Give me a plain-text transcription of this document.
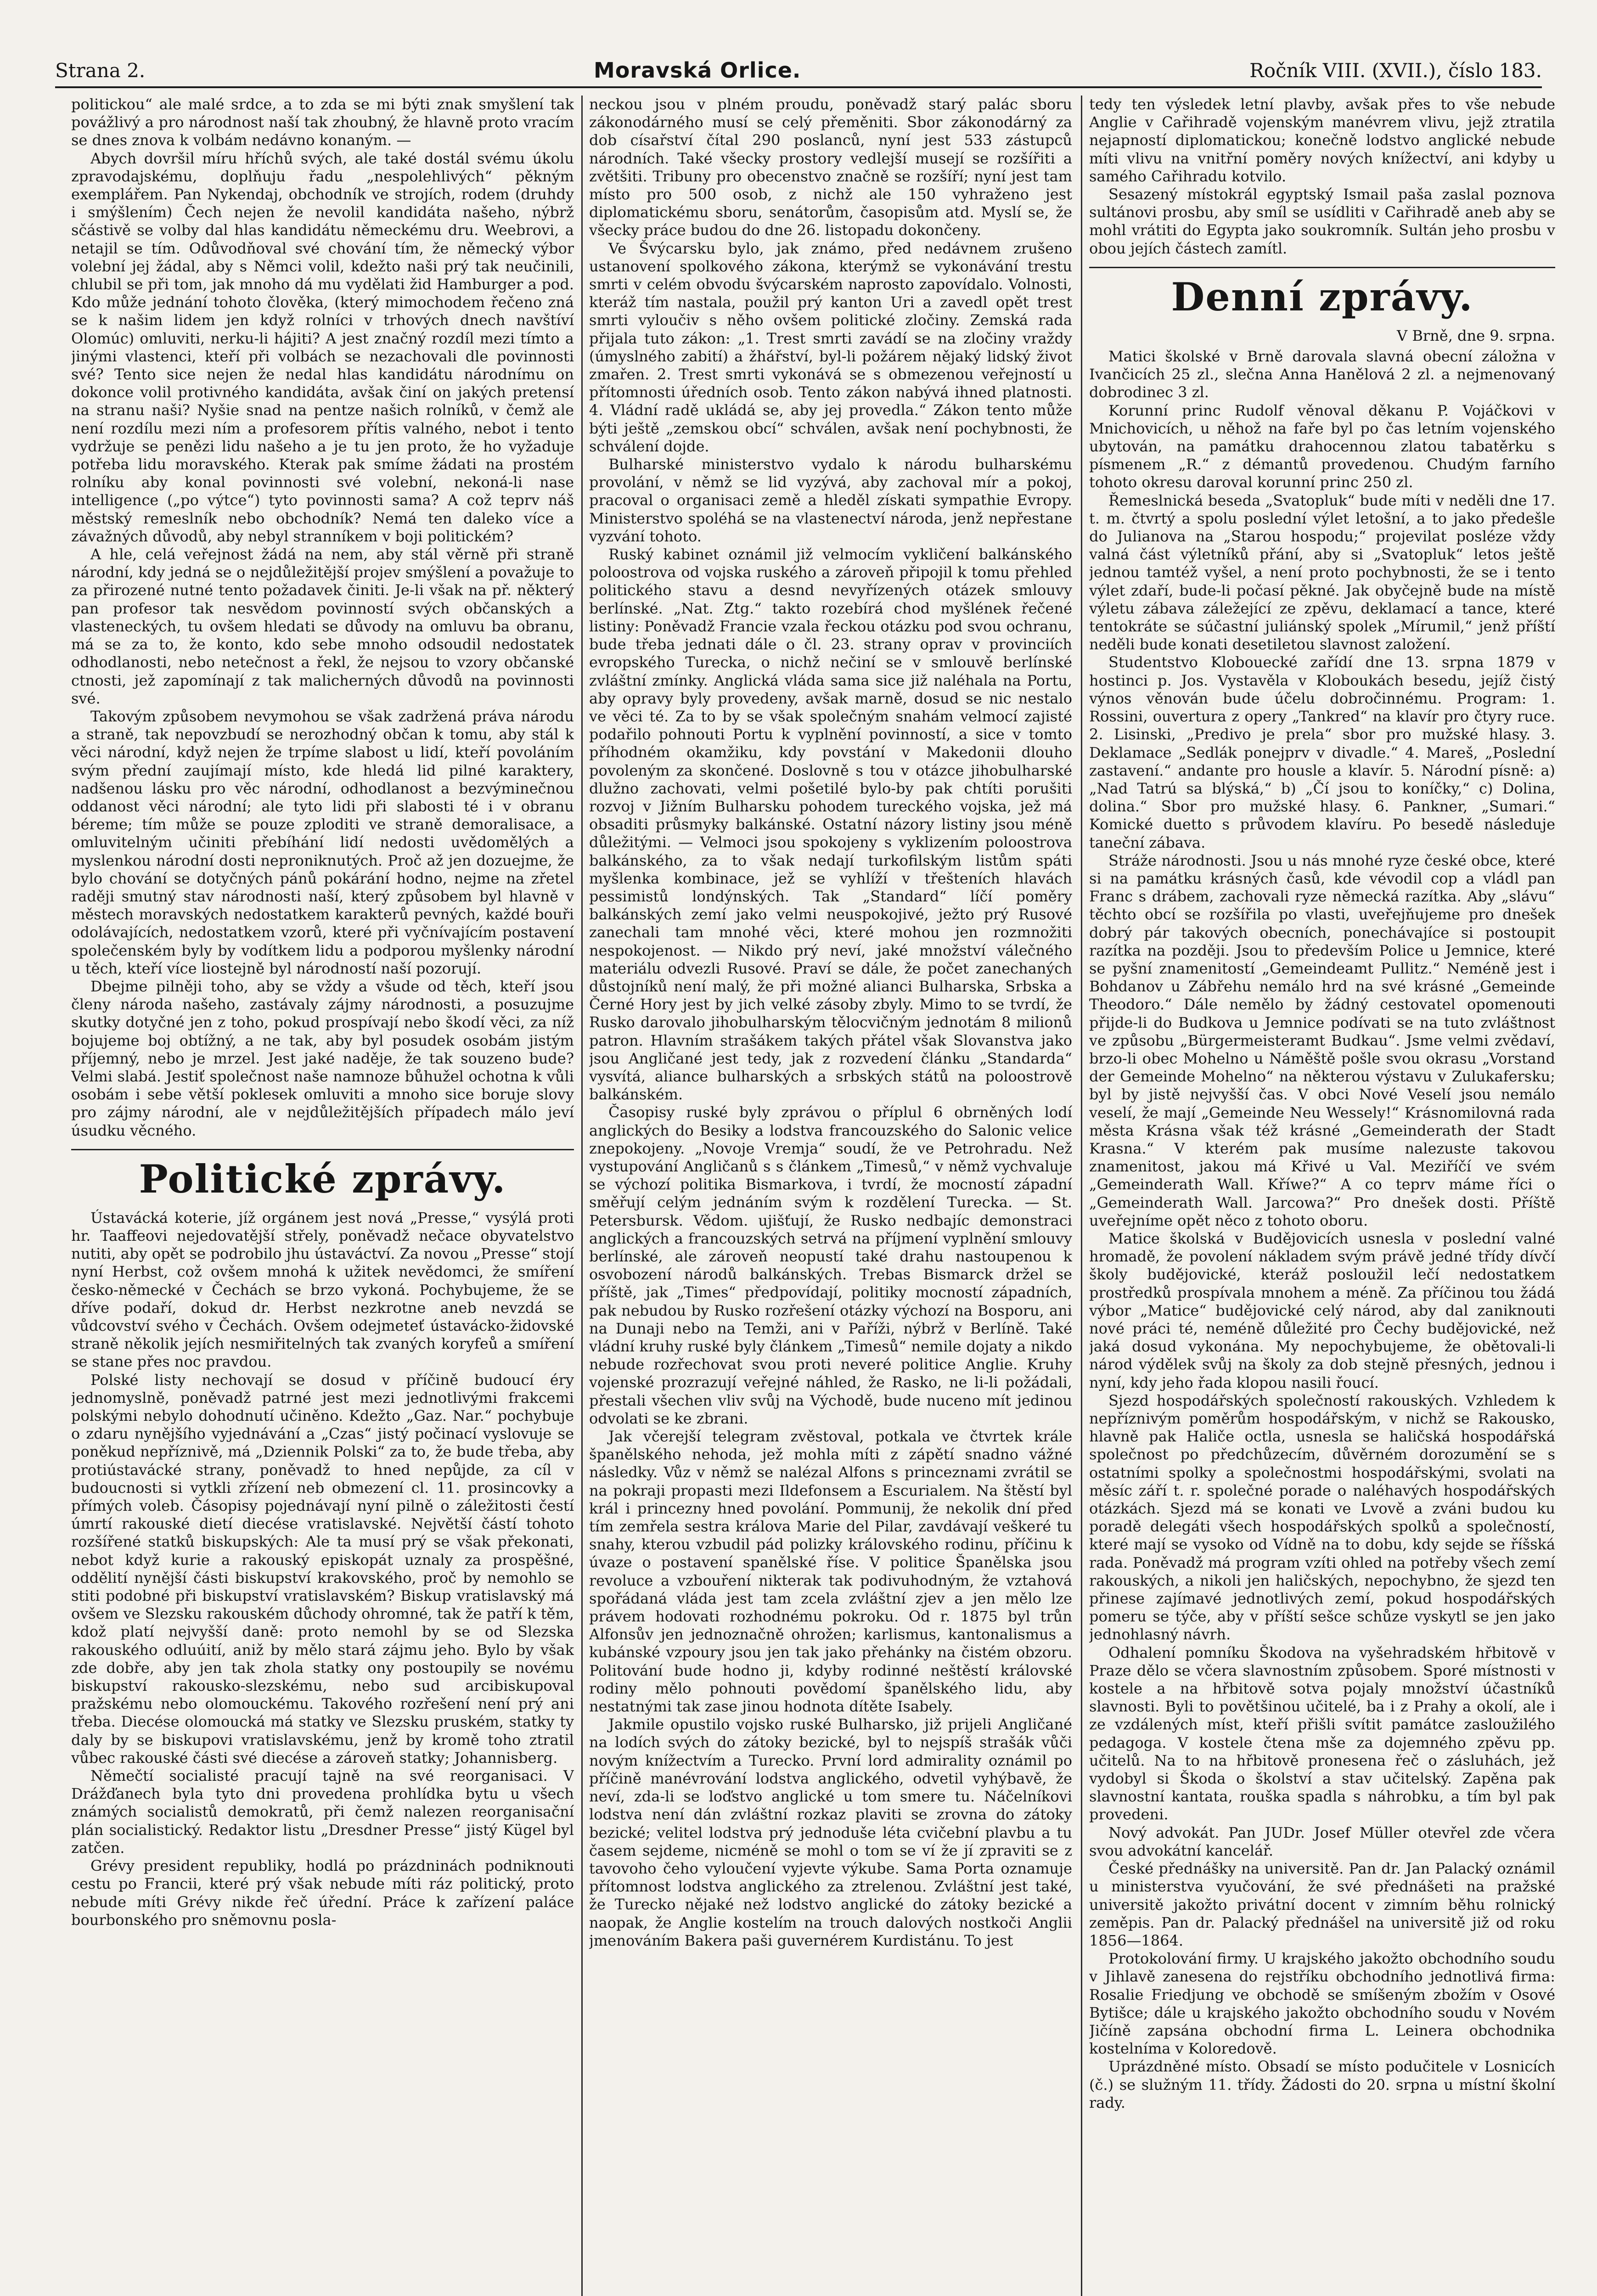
Strana 2.	Moravská Orlice.	Ročník VIII. (XVII.), číslo 183.

politickou“ ale malé srdce, a to zda se mi býti znak smyšlení tak povážlivý a pro národnost naší tak zhoubný, že hlavně proto vracím se dnes znova k volbám nedávno konaným. —

Abych dovršil míru hříchů svých, ale také dostál svému úkolu zpravodajskému, doplňuju řadu „nespolehlivých“ pěkným exemplářem. Pan Nykendaj, obchodník ve strojích, rodem (druhdy i smýšlením) Čech nejen že nevolil kandidáta našeho, nýbrž sčástivě se volby dal hlas kandidátu německému dru. Weebrovi, a netajil se tím. Odůvodňoval své chování tím, že německý výbor volební jej žádal, aby s Němci volil, kdežto naši prý tak neučinili, chlubil se při tom, jak mnoho dá mu vydělati žid Hamburger a pod. Kdo může jednání tohoto člověka, (který mimochodem řečeno zná se k našim lidem jen když rolníci v trhových dnech navštíví Olomúc) omluviti, nerku-li hájiti? A jest značný rozdíl mezi tímto a jinými vlastenci, kteří při volbách se nezachovali dle povinnosti své? Tento sice nejen že nedal hlas kandidátu národnímu on dokonce volil protivného kandidáta, avšak činí on jakých pretensí na stranu naši? Nyšie snad na pentze našich rolníků, v čemž ale není rozdílu mezi ním a profesorem přítis valného, nebot i tento vydržuje se penězi lidu našeho a je tu jen proto, že ho vyžaduje potřeba lidu moravského. Kterak pak smíme žádati na prostém rolníku aby konal povinnosti své volební, nekoná-li nase intelligence („po výtce“) tyto povinnosti sama? A což teprv náš městský remeslník nebo obchodník? Nemá ten daleko více a závažných důvodů, aby nebyl stranníkem v boji politickém?

A hle, celá veřejnost žádá na nem, aby stál věrně při straně národní, kdy jedná se o nejdůležitější projev smýšlení a považuje to za přirozené nutné tento požadavek činiti. Je-li však na př. některý pan profesor tak nesvědom povinností svých občanských a vlasteneckých, tu ovšem hledati se důvody na omluvu ba obranu, má se za to, že konto, kdo sebe mnoho odsoudil nedostatek odhodlanosti, nebo netečnost a řekl, že nejsou to vzory občanské ctnosti, jež zapomínají z tak malicherných důvodů na povinnosti své.

Takovým způsobem nevymohou se však zadržená práva národu a straně, tak nepovzbudí se nerozhodný občan k tomu, aby stál k věci národní, když nejen že trpíme slabost u lidí, kteří povoláním svým přední zaujímají místo, kde hledá lid pilné karaktery, nadšenou lásku pro věc národní, odhodlanost a bezvýminečnou oddanost věci národní; ale tyto lidi při slabosti té i v obranu béreme; tím může se pouze zploditi ve straně demoralisace, a omluvitelným učiniti přebíhání lidí nedosti uvědomělých a myslenkou národní dosti neproniknutých. Proč až jen dozuejme, že bylo chování se dotyčných pánů pokárání hodno, nejme na zřetel raději smutný stav národnosti naší, který způsobem byl hlavně v městech moravských nedostatkem karakterů pevných, každé bouři odolávajících, nedostatkem vzorů, které při vyčnívajícím postavení společenském byly by vodítkem lidu a podporou myšlenky národní u těch, kteří více liostejně byl národností naší pozorují.

Dbejme pilněji toho, aby se vždy a všude od těch, kteří jsou členy národa našeho, zastávaly zájmy národnosti, a posuzujme skutky dotyčné jen z toho, pokud prospívají nebo škodí věci, za níž bojujeme boj obtížný, a ne tak, aby byl posudek osobám jistým příjemný, nebo je mrzel. Jest jaké naděje, že tak souzeno bude? Velmi slabá. Jestiť společnost naše namnoze bůhužel ochotna k vůli osobám i sebe větší poklesek omluviti a mnoho sice boruje slovy pro zájmy národní, ale v nejdůležitějších případech málo jeví úsudku věcného.

Politické zprávy.

Ústavácká koterie, jíž orgánem jest nová „Presse,“ vysýlá proti hr. Taaffeovi nejedovatější střely, poněvadž nečace obyvatelstvo nutiti, aby opět se podrobilo jhu ústaváctví. Za novou „Presse“ stojí nyní Herbst, což ovšem mnohá k užitek nevědomci, že smíření česko-německé v Čechách se brzo vykoná. Pochybujeme, že se dříve podaří, dokud dr. Herbst nezkrotne aneb nevzdá se vůdcovství svého v Čechách. Ovšem odejmeteť ústavácko-židovské straně několik jejích nesmiřitelných tak zvaných koryfeů a smíření se stane přes noc pravdou.

Polské listy nechovají se dosud v příčině budoucí éry jednomyslně, poněvadž patrné jest mezi jednotlivými frakcemi polskými nebylo dohodnutí učiněno. Kdežto „Gaz. Nar.“ pochybuje o zdaru nynějšího vyjednávání a „Czas“ jistý počinací vyslovuje se poněkud nepříznivě, má „Dziennik Polski“ za to, že bude třeba, aby protiústavácké strany, poněvadž to hned nepůjde, za cíl v budoucnosti si vytkli zřízení neb obmezení cl. 11. prosincovky a přímých voleb. Čásopisy pojednávají nyní pilně o záležitosti čestí úmrtí rakouské dietí diecése vratislavské. Největší částí tohoto rozšířené statků biskupských: Ale ta musí prý se však překonati, nebot když kurie a rakouský episkopát uznaly za prospěšné, oddělití nynější části biskupství krakovského, proč by nemohlo se stiti podobné při biskupství vratislavském? Biskup vratislavský má ovšem ve Slezsku rakouském důchody ohromné, tak že patří k těm, kdož platí nejvyšší daně: proto nemohl by se od Slezska rakouského odluúití, aniž by mělo stará zájmu jeho. Bylo by však zde dobře, aby jen tak zhola statky ony postoupily se novému biskupství rakousko-slezskému, nebo sud arcibiskupoval pražskému nebo olomouckému. Takového rozřešení není prý ani třeba. Diecése olomoucká má statky ve Slezsku pruském, statky ty daly by se biskupovi vratislavskému, jenž by kromě toho ztratil vůbec rakouské části své diecése a zároveň statky; Johannisberg.

Němečtí socialisté pracují tajně na své reorganisaci. V Drážďanech byla tyto dni provedena prohlídka bytu u všech známých socialistů demokratů, při čemž nalezen reorganisační plán socialistický. Redaktor listu „Dresdner Presse“ jistý Kügel byl zatčen.

Grévy president republiky, hodlá po prázdninách podniknouti cestu po Francii, které prý však nebude míti ráz politický, proto nebude míti Grévy nikde řeč úřední. Práce k zařízení paláce bourbonského pro sněmovnu posla-

neckou jsou v plném proudu, poněvadž starý palác sboru zákonodárného musí se celý přeměniti. Sbor zákonodárný za dob císařství čítal 290 poslanců, nyní jest 533 zástupců národních. Také všecky prostory vedlejší musejí se rozšířiti a zvětšiti. Tribuny pro obecenstvo značně se rozšíří; nyní jest tam místo pro 500 osob, z nichž ale 150 vyhraženo jest diplomatickému sboru, senátorům, časopisům atd. Myslí se, že všecky práce budou do dne 26. listopadu dokončeny.

Ve Švýcarsku bylo, jak známo, před nedávnem zrušeno ustanovení spolkového zákona, kterýmž se vykonávání trestu smrti v celém obvodu švýcarském naprosto zapovídalo. Volnosti, kteráž tím nastala, použil prý kanton Uri a zavedl opět trest smrti vyloučiv s něho ovšem politické zločiny. Zemská rada přijala tuto zákon: „1. Trest smrti zavádí se na zločiny vraždy (úmyslného zabití) a žhářství, byl-li požárem nějaký lidský život zmařen. 2. Trest smrti vykonává se s obmezenou veřejností u přítomnosti úředních osob. Tento zákon nabývá ihned platnosti. 4. Vládní radě ukládá se, aby jej provedla.“ Zákon tento může býti ještě „zemskou obcí“ schválen, avšak není pochybnosti, že schválení dojde.

Bulharské ministerstvo vydalo k národu bulharskému provolání, v němž se lid vyzývá, aby zachoval mír a pokoj, pracoval o organisaci země a hleděl získati sympathie Evropy. Ministerstvo spoléhá se na vlastenectví národa, jenž nepřestane vyzvání tohoto.

Ruský kabinet oznámil již velmocím vykličení balkánského poloostrova od vojska ruského a zároveň připojil k tomu přehled politického stavu a desnd nevyřízených otázek smlouvy berlínské. „Nat. Ztg.“ takto rozebírá chod myšlének řečené listiny: Poněvadž Francie vzala řeckou otázku pod svou ochranu, bude třeba jednati dále o čl. 23. strany oprav v provinciích evropského Turecka, o nichž nečiní se v smlouvě berlínské zvláštní zmínky. Anglická vláda sama sice již naléhala na Portu, aby opravy byly provedeny, avšak marně, dosud se nic nestalo ve věci té. Za to by se však společným snahám velmocí zajisté podařilo pohnouti Portu k vyplnění povinností, a sice v tomto příhodném okamžiku, kdy povstání v Makedonii dlouho povoleným za skončené. Doslovně s tou v otázce jihobulharské dlužno zachovati, velmi pošetilé bylo-by pak chtíti porušiti rozvoj v Jižním Bulharsku pohodem tureckého vojska, jež má obsaditi průsmyky balkánské. Ostatní názory listiny jsou méně důležitými. — Velmoci jsou spokojeny s vyklizením poloostrova balkánského, za to však nedají turkofilským listům spáti myšlenka kombinace, jež se vyhlíží v třešteních hlavách pessimistů londýnských. Tak „Standard“ líčí poměry balkánských zemí jako velmi neuspokojivé, ježto prý Rusové zanechali tam mnohé věci, které mohou jen rozmnožiti nespokojenost. — Nikdo prý neví, jaké množství válečného materiálu odvezli Rusové. Praví se dále, že počet zanechaných důstojníků není malý, že při možné alianci Bulharska, Srbska a Černé Hory jest by jich velké zásoby zbyly. Mimo to se tvrdí, že Rusko darovalo jihobulharským tělocvičným jednotám 8 milionů patron. Hlavním strašákem takých přátel však Slovanstva jako jsou Angličané jest tedy, jak z rozvedení článku „Standarda“ vysvítá, aliance bulharských a srbských států na poloostrově balkánském.

Časopisy ruské byly zprávou o příplul 6 obrněných lodí anglických do Besiky a lodstva francouzského do Salonic velice znepokojeny. „Novoje Vremja“ soudí, že ve Petrohradu. Než vystupování Angličanů s s článkem „Timesů,“ v němž vychvaluje se výchozí politika Bismarkova, i tvrdí, že mocností západní směřují celým jednáním svým k rozdělení Turecka. — St. Petersbursk. Vědom. ujišťují, že Rusko nedbajíc demonstraci anglických a francouzských setrvá na příjmení vyplnění smlouvy berlínské, ale zároveň neopustí také drahu nastoupenou k osvobození národů balkánských. Trebas Bismarck držel se příště, jak „Times“ předpovídají, politiky mocností západních, pak nebudou by Rusko rozřešení otázky výchozí na Bosporu, ani na Dunaji nebo na Temži, ani v Paříži, nýbrž v Berlíně. Také vládní kruhy ruské byly článkem „Timesů“ nemile dojaty a nikdo nebude rozřechovat svou proti neveré politice Anglie. Kruhy vojenské prozrazují veřejné náhled, že Rasko, ne li-li požádali, přestali všechen vliv svůj na Východě, bude nuceno mít jedinou odvolati se ke zbrani.

Jak včerejší telegram zvěstoval, potkala ve čtvrtek krále španělského nehoda, jež mohla míti z zápětí snadno vážné následky. Vůz v němž se nalézal Alfons s princeznami zvrátil se na pokraji propasti mezi Ildefonsem a Escurialem. Na štěstí byl král i princezny hned povolání. Pommunij, že nekolik dní před tím zemřela sestra králova Marie del Pilar, zavdávají veškeré tu snahy, kterou vzbudil pád polizky královského rodinu, příčinu k úvaze o postavení spanělské říse. V politice Španělska jsou revoluce a vzbouření nikterak tak podivuhodným, že vztahová spořádaná vláda jest tam zcela zvláštní zjev a jen mělo lze právem hodovati rozhodnému pokroku. Od r. 1875 byl trůn Alfonsův jen jednoznačně ohrožen; karlismus, kantonalismus a kubánské vzpoury jsou jen tak jako přehánky na čistém obzoru. Politování bude hodno ji, kdyby rodinné neštěstí královské rodiny mělo pohnouti povědomí španělského lidu, aby nestatnými tak zase jinou hodnota dítěte Isabely.

Jakmile opustilo vojsko ruské Bulharsko, již prijeli Angličané na lodích svých do zátoky bezické, byl to nejspíš strašák vůči novým knížectvím a Turecko. První lord admirality oznámil po příčině manévrování lodstva anglického, odvetil vyhýbavě, že neví, zda-li se loďstvo anglické u tom smere tu. Náčelníkovi lodstva není dán zvláštní rozkaz plaviti se zrovna do zátoky bezické; velitel lodstva prý jednoduše léta cvičební plavbu a tu časem sejdeme, nicméně se mohl o tom se ví že jí zpraviti se z tavovoho čeho vyloučení vyjevte výkube. Sama Porta oznamuje přítomnost lodstva anglického za ztrelenou. Zvláštní jest také, že Turecko nějaké než lodstvo anglické do zátoky bezické a naopak, že Anglie kostelím na trouch dalových nostkoči Anglii jmenováním Bakera paši guvernérem Kurdistánu. To jest

tedy ten výsledek letní plavby, avšak přes to vše nebude Anglie v Cařihradě vojenským manévrem vlivu, jejž ztratila nejapností diplomatickou; konečně lodstvo anglické nebude míti vlivu na vnitřní poměry nových knížectví, ani kdyby u samého Cařihradu kotvilo.

Sesazený místokrál egyptský Ismail paša zaslal poznova sultánovi prosbu, aby smíl se usídliti v Cařihradě aneb aby se mohl vrátiti do Egypta jako soukromník. Sultán jeho prosbu v obou jejích částech zamítl.

Denní zprávy.
V Brně, dne 9. srpna.

Matici školské v Brně darovala slavná obecní záložna v Ivančicích 25 zl., slečna Anna Hanělová 2 zl. a nejmenovaný dobrodinec 3 zl.

Korunní princ Rudolf věnoval děkanu P. Vojáčkovi v Mnichovicích, u něhož na faře byl po čas letním vojenského ubytován, na památku drahocennou zlatou tabatěrku s písmenem „R.“ z démantů provedenou. Chudým farního tohoto okresu daroval korunní princ 250 zl.

Řemeslnická beseda „Svatopluk“ bude míti v neděli dne 17. t. m. čtvrtý a spolu poslední výlet letošní, a to jako předešle do Julianova na „Starou hospodu;“ projevilat posléze vždy valná část výletníků přání, aby si „Svatopluk“ letos ještě jednou tamtéž vyšel, a není proto pochybnosti, že se i tento výlet zdaří, bude-li počasí pěkné. Jak obyčejně bude na místě výletu zábava záležející ze zpěvu, deklamací a tance, které tentokráte se súčastní juliánský spolek „Mírumil,“ jenž příští neděli bude konati desetiletou slavnost založení.

Studentstvo Klobouecké zařídí dne 13. srpna 1879 v hostinci p. Jos. Vystavěla v Kloboukách besedu, jejíž čistý výnos věnován bude účelu dobročinnému. Program: 1. Rossini, ouvertura z opery „Tankred“ na klavír pro čtyry ruce. 2. Lisinski, „Predivo je prela“ sbor pro mužské hlasy. 3. Deklamace „Sedlák ponejprv v divadle.“ 4. Mareš, „Poslední zastavení.“ andante pro housle a klavír. 5. Národní písně: a) „Nad Tatrú sa blýská,“ b) „Čí jsou to koníčky,“ c) Dolina, dolina.“ Sbor pro mužské hlasy. 6. Pankner, „Sumari.“ Komické duetto s průvodem klavíru. Po besedě následuje taneční zábava.

Stráže národnosti. Jsou u nás mnohé ryze české obce, které si na památku krásných časů, kde vévodil cop a vládl pan Franc s drábem, zachovali ryze německá razítka. Aby „slávu“ těchto obcí se rozšířila po vlasti, uveřejňujeme pro dnešek dobrý pár takových obecních, ponechávajíce si postoupit razítka na později. Jsou to především Police u Jemnice, které se pyšní znamenitostí „Gemeindeamt Pullitz.“ Neméně jest i Bohdanov u Zábřehu nemálo hrd na své krásné „Gemeinde Theodoro.“ Dále nemělo by žádný cestovatel opomenouti přijde-li do Budkova u Jemnice podívati se na tuto zvláštnost ve způsobu „Bürgermeisteramt Budkau“. Jsme velmi zvědaví, brzo-li obec Mohelno u Náměště pošle svou okrasu „Vorstand der Gemeinde Mohelno“ na některou výstavu v Zulukafersku; byl by jistě nejvyšší čas. V obci Nové Veselí jsou nemálo veselí, že mají „Gemeinde Neu Wessely!“ Krásnomilovná rada města Krásna však též krásné „Gemeinderath der Stadt Krasna.“ V kterém pak musíme nalezuste takovou znamenitost, jakou má Křivé u Val. Meziříčí ve svém „Gemeinderath Wall. Kříwe?“ A co teprv máme říci o „Gemeinderath Wall. Jarcowa?“ Pro dnešek dosti. Příště uveřejníme opět něco z tohoto oboru.

Matice školská v Budějovicích usnesla v poslední valné hromadě, že povolení nákladem svým právě jedné třídy dívčí školy budějovické, kteráž posloužil lečí nedostatkem prostředků prospívala mnohem a méně. Za příčinou tou žádá výbor „Matice“ budějovické celý národ, aby dal zaniknouti nové práci té, neméně důležité pro Čechy budějovické, než jaká dosud vykonána. My nepochybujeme, že obětovali-li národ výdělek svůj na školy za dob stejně přesných, jednou i nyní, kdy jeho řada klopou nasili řoucí.

Sjezd hospodářských společností rakouských. Vzhledem k nepříznivým poměrům hospodářským, v nichž se Rakousko, hlavně pak Haliče octla, usnesla se haličská hospodářská společnost po předchůzecím, důvěrném dorozumění se s ostatními spolky a společnostmi hospodářskými, svolati na měsíc září t. r. společné porade o naléhavých hospodářských otázkách. Sjezd má se konati ve Lvově a zváni budou ku poradě delegáti všech hospodářských spolků a společností, které mají se vysoko od Vídně na to dobu, kdy sejde se říšská rada. Poněvadž má program vzíti ohled na potřeby všech zemí rakouských, a nikoli jen haličských, nepochybno, že sjezd ten přinese zajímavé jednotlivých zemí, pokud hospodářských pomeru se týče, aby v příští sešce schůze vyskytl se jen jako jednohlasný návrh.

Odhalení pomníku Škodova na vyšehradském hřbitově v Praze dělo se včera slavnostním způsobem. Sporé místnosti v kostele a na hřbitově sotva pojaly množství účastníků slavnosti. Byli to povětšinou učitelé, ba i z Prahy a okolí, ale i ze vzdálených míst, kteří přišli svítit památce zasloužilého pedagoga. V kostele čtena mše za dojemného zpěvu pp. učitelů. Na to na hřbitově pronesena řeč o zásluhách, jež vydobyl si Škoda o školství a stav učitelský. Zapěna pak slavnostní kantata, rouška spadla s náhrobku, a tím byl pak provedeni.

Nový advokát. Pan JUDr. Josef Müller otevřel zde včera svou advokátní kancelář.

České přednášky na universitě. Pan dr. Jan Palacký oznámil u ministerstva vyučování, že své přednášeti na pražské universitě jakožto privátní docent v zimním běhu rolnický zeměpis. Pan dr. Palacký přednášel na universitě již od roku 1856—1864.

Protokolování firmy. U krajského jakožto obchodního soudu v Jihlavě zanesena do rejstříku obchodního jednotlivá firma: Rosalie Friedjung ve obchodě se smíšeným zbožím v Osové Bytišce; dále u krajského jakožto obchodního soudu v Novém Jičíně zapsána obchodní firma L. Leinera obchodnika kostelníma v Koloredově.

Uprázdněné místo. Obsadí se místo podučitele v Losnicích (č.) se služným 11. třídy. Žádosti do 20. srpna u místní školní rady.
